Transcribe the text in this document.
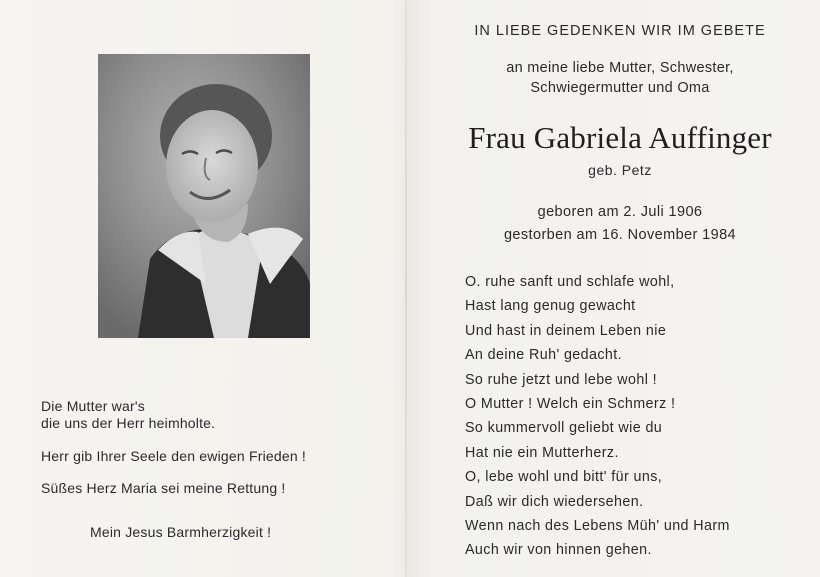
Die Mutter war's
die uns der Herr heimholte.
Herr gib Ihrer Seele den ewigen Frieden !
Süßes Herz Maria sei meine Rettung !
Mein Jesus Barmherzigkeit !
IN LIEBE GEDENKEN WIR IM GEBETE
an meine liebe Mutter, Schwester,
Schwiegermutter und Oma
Frau Gabriela Auffinger
geb. Petz
geboren am 2. Juli 1906
gestorben am 16. November 1984
O. ruhe sanft und schlafe wohl,
Hast lang genug gewacht
Und hast in deinem Leben nie
An deine Ruh' gedacht.
So ruhe jetzt und lebe wohl !
O Mutter ! Welch ein Schmerz !
So kummervoll geliebt wie du
Hat nie ein Mutterherz.
O, lebe wohl und bitt' für uns,
Daß wir dich wiedersehen.
Wenn nach des Lebens Müh' und Harm
Auch wir von hinnen gehen.
